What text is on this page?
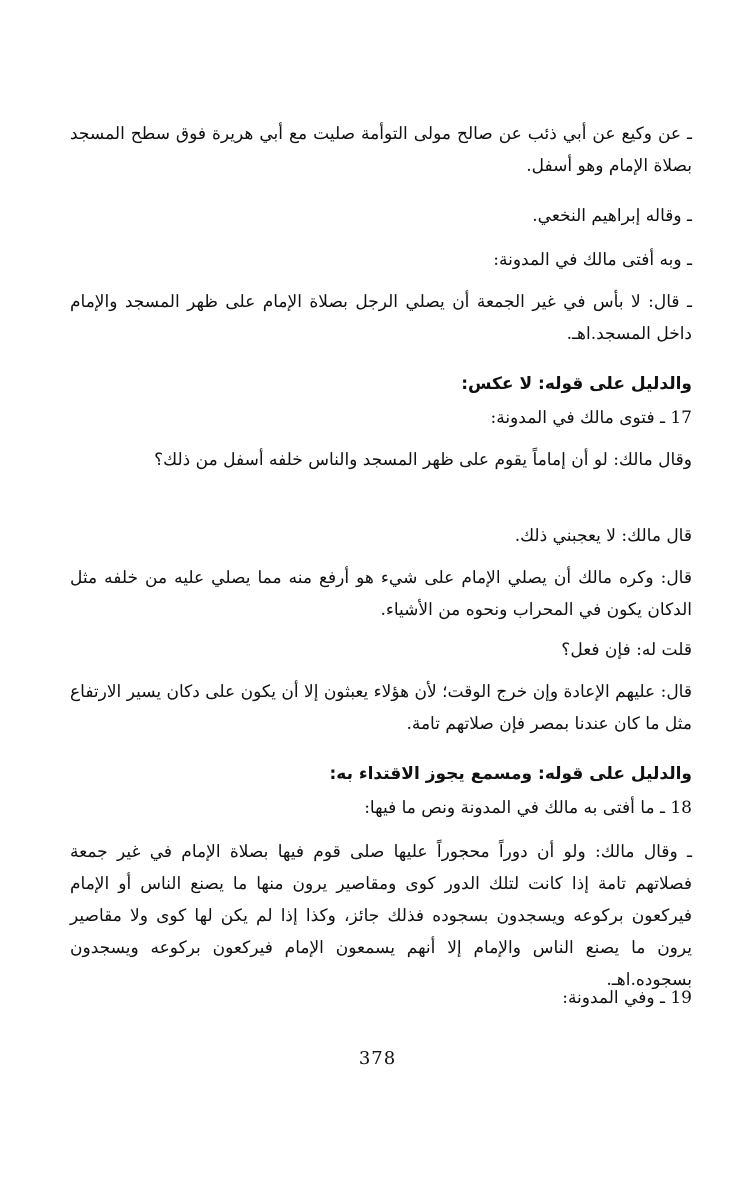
ـ عن وكيع عن أبي ذئب عن صالح مولى التوأمة صليت مع أبي هريرة فوق سطح المسجد بصلاة الإمام وهو أسفل.
ـ وقاله إبراهيم النخعي.
ـ وبه أفتى مالك في المدونة:
ـ قال: لا بأس في غير الجمعة أن يصلي الرجل بصلاة الإمام على ظهر المسجد والإمام داخل المسجد.اهـ.
والدليل على قوله: لا عكس:
17 ـ فتوى مالك في المدونة:
وقال مالك: لو أن إماماً يقوم على ظهر المسجد والناس خلفه أسفل من ذلك؟
قال مالك: لا يعجبني ذلك.
قال: وكره مالك أن يصلي الإمام على شيء هو أرفع منه مما يصلي عليه من خلفه مثل الدكان يكون في المحراب ونحوه من الأشياء.
قلت له: فإن فعل؟
قال: عليهم الإعادة وإن خرج الوقت؛ لأن هؤلاء يعبثون إلا أن يكون على دكان يسير الارتفاع مثل ما كان عندنا بمصر فإن صلاتهم تامة.
والدليل على قوله: ومسمع يجوز الاقتداء به:
18 ـ ما أفتى به مالك في المدونة ونص ما فيها:
ـ وقال مالك: ولو أن دوراً محجوراً عليها صلى قوم فيها بصلاة الإمام في غير جمعة فصلاتهم تامة إذا كانت لتلك الدور كوى ومقاصير يرون منها ما يصنع الناس أو الإمام فيركعون بركوعه ويسجدون بسجوده فذلك جائز، وكذا إذا لم يكن لها كوى ولا مقاصير يرون ما يصنع الناس والإمام إلا أنهم يسمعون الإمام فيركعون بركوعه ويسجدون بسجوده.اهـ.
19 ـ وفي المدونة:
378
